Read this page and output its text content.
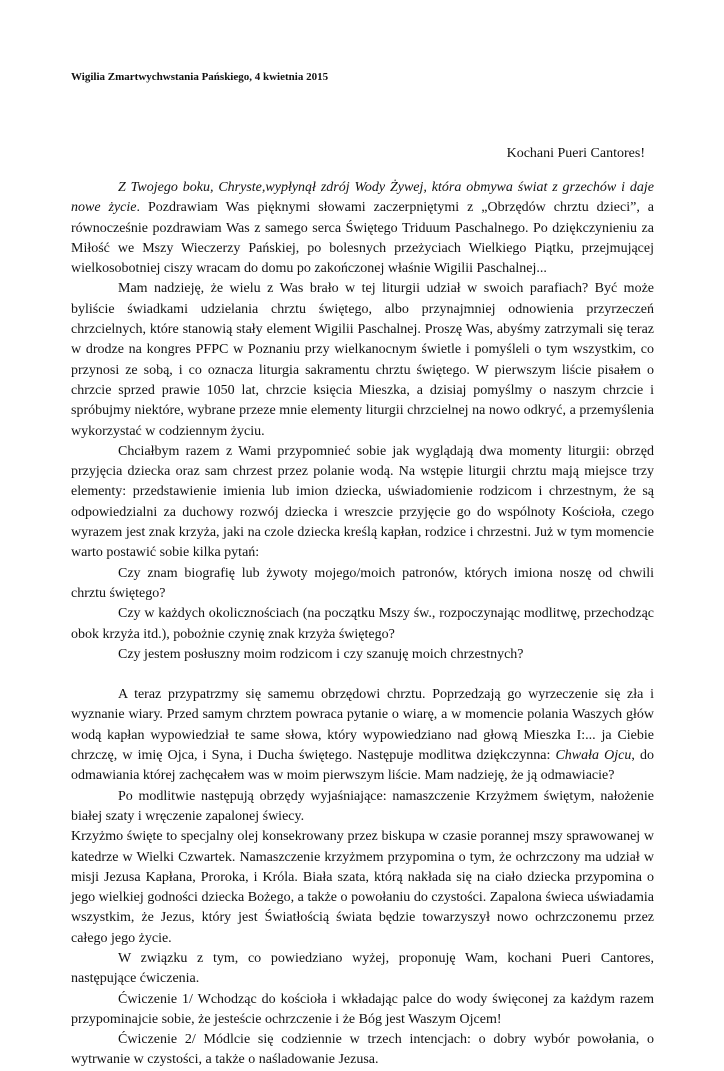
Wigilia Zmartwychwstania Pańskiego, 4 kwietnia 2015
Kochani Pueri Cantores!

Z Twojego boku, Chryste,wypłynął zdrój Wody Żywej, która obmywa świat z grzechów i daje nowe życie. Pozdrawiam Was pięknymi słowami zaczerpniętymi z „Obrzędów chrztu dzieci”, a równocześnie pozdrawiam Was z samego serca Świętego Triduum Paschalnego. Po dziękczynieniu za Miłość we Mszy Wieczerzy Pańskiej, po bolesnych przeżyciach Wielkiego Piątku, przejmującej wielkosobotniej ciszy wracam do domu po zakończonej właśnie Wigilii Paschalnej...

Mam nadzieję, że wielu z Was brało w tej liturgii udział w swoich parafiach? Być może byliście świadkami udzielania chrztu świętego, albo przynajmniej odnowienia przyrzeczeń chrzcielnych, które stanowią stały element Wigilii Paschalnej. Proszę Was, abyśmy zatrzymali się teraz w drodze na kongres PFPC w Poznaniu przy wielkanocnym świetle i pomyśleli o tym wszystkim, co przynosi ze sobą, i co oznacza liturgia sakramentu chrztu świętego. W pierwszym liście pisałem o chrzcie sprzed prawie 1050 lat, chrzcie księcia Mieszka, a dzisiaj pomyślmy o naszym chrzcie i spróbujmy niektóre, wybrane przeze mnie elementy liturgii chrzcielnej na nowo odkryć, a przemyślenia wykorzystać w codziennym życiu.

Chciałbym razem z Wami przypomnieć sobie jak wyglądają dwa momenty liturgii: obrzęd przyjęcia dziecka oraz sam chrzest przez polanie wodą. Na wstępie liturgii chrztu mają miejsce trzy elementy: przedstawienie imienia lub imion dziecka, uświadomienie rodzicom i chrzestnym, że są odpowiedzialni za duchowy rozwój dziecka i wreszcie przyjęcie go do wspólnoty Kościoła, czego wyrazem jest znak krzyża, jaki na czole dziecka kreślą kapłan, rodzice i chrzestni. Już w tym momencie warto postawić sobie kilka pytań:

Czy znam biografię lub żywoty mojego/moich patronów, których imiona noszę od chwili chrztu świętego?

Czy w każdych okolicznościach (na początku Mszy św., rozpoczynając modlitwę, przechodząc obok krzyża itd.), pobożnie czynię znak krzyża świętego?

Czy jestem posłuszny moim rodzicom i czy szanuję moich chrzestnych?

A teraz przypatrzmy się samemu obrzędowi chrztu. Poprzedzają go wyrzeczenie się zła i wyznanie wiary. Przed samym chrztem powraca pytanie o wiarę, a w momencie polania Waszych głów wodą kapłan wypowiedział te same słowa, który wypowiedziano nad głową Mieszka I:... ja Ciebie chrzczę, w imię Ojca, i Syna, i Ducha świętego. Następuje modlitwa dziękczynna: Chwała Ojcu, do odmawiania której zachęcałem was w moim pierwszym liście. Mam nadzieję, że ją odmawiacie?

Po modlitwie następują obrzędy wyjaśniające: namaszczenie Krzyżmem świętym, nałożenie białej szaty i wręczenie zapalonej świecy.

Krzyżmo święte to specjalny olej konsekrowany przez biskupa w czasie porannej mszy sprawowanej w katedrze w Wielki Czwartek. Namaszczenie krzyżmem przypomina o tym, że ochrzczony ma udział w misji Jezusa Kapłana, Proroka, i Króla. Biała szata, którą nakłada się na ciało dziecka przypomina o jego wielkiej godności dziecka Bożego, a także o powołaniu do czystości. Zapalona świeca uświadamia wszystkim, że Jezus, który jest Światłością świata będzie towarzyszył nowo ochrzczonemu przez całego jego życie.

W związku z tym, co powiedziano wyżej, proponuję Wam, kochani Pueri Cantores, następujące ćwiczenia.

Ćwiczenie 1/ Wchodząc do kościoła i wkładając palce do wody święconej za każdym razem przypominajcie sobie, że jesteście ochrzczenie i że Bóg jest Waszym Ojcem!

Ćwiczenie 2/ Módlcie się codziennie w trzech intencjach: o dobry wybór powołania, o wytrwanie w czystości, a także o naśladowanie Jezusa.
